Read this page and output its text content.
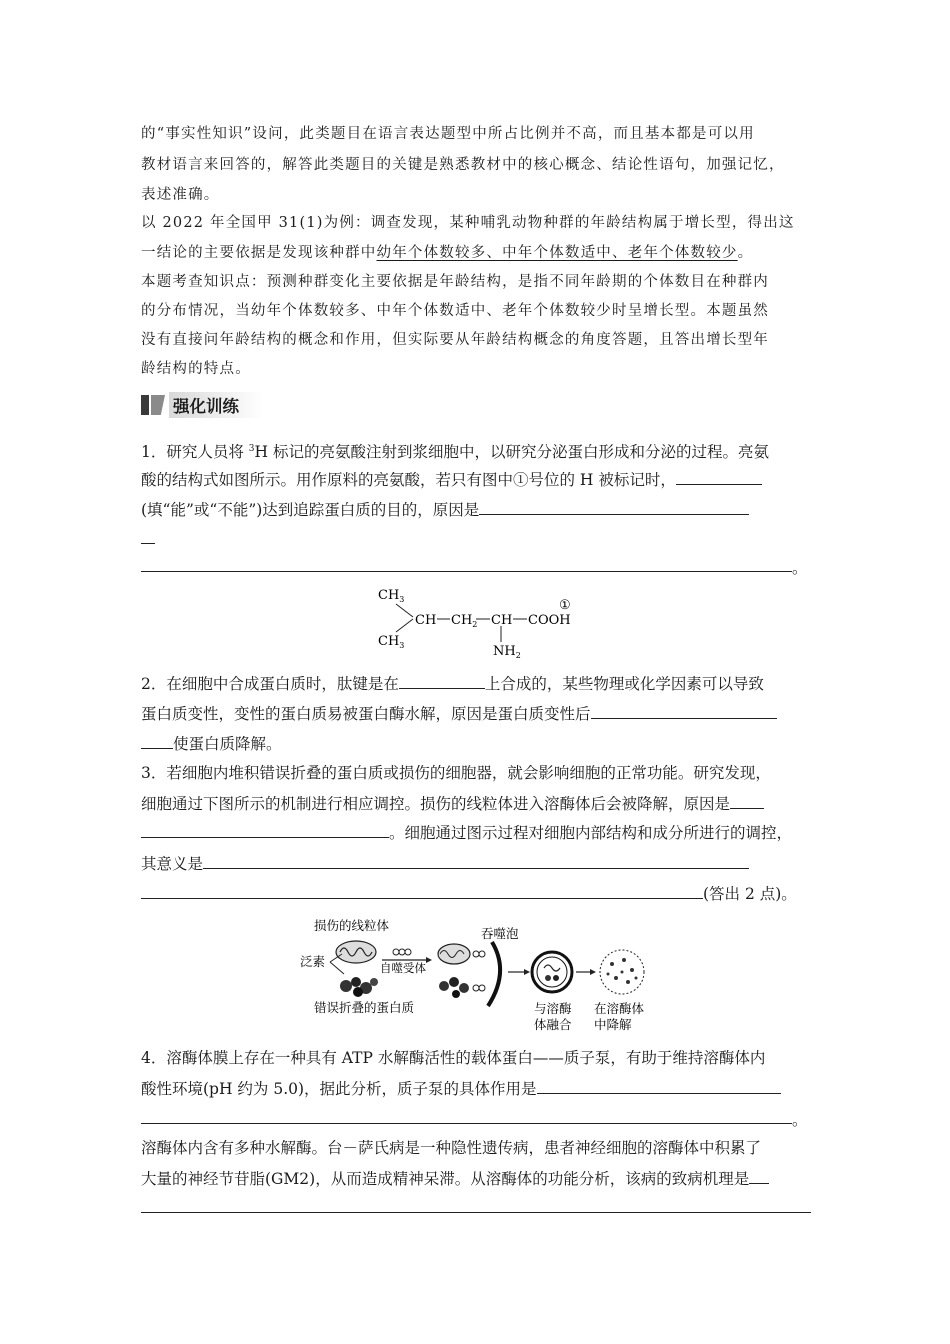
的“事实性知识”设问，此类题目在语言表达题型中所占比例并不高，而且基本都是可以用
教材语言来回答的，解答此类题目的关键是熟悉教材中的核心概念、结论性语句，加强记忆，
表述准确。
以 2022 年全国甲 31(1)为例：调查发现，某种哺乳动物种群的年龄结构属于增长型，得出这
一结论的主要依据是发现该种群中幼年个体数较多、中年个体数适中、老年个体数较少。
本题考查知识点：预测种群变化主要依据是年龄结构，是指不同年龄期的个体数目在种群内
的分布情况，当幼年个体数较多、中年个体数适中、老年个体数较少时呈增长型。本题虽然
没有直接问年龄结构的概念和作用，但实际要从年龄结构概念的角度答题，且答出增长型年
龄结构的特点。
强化训练
1．研究人员将 $^3$H 标记的亮氨酸注射到浆细胞中，以研究分泌蛋白形成和分泌的过程。亮氨
酸的结构式如图所示。用作原料的亮氨酸，若只有图中①号位的 H 被标记时，
(填“能”或“不能”)达到追踪蛋白质的目的，原因是
。
$CH_3$
$CH_3$
CH $CH_2$ CH COOH
①
$NH_2$
2．在细胞中合成蛋白质时，肽键是在	上合成的，某些物理或化学因素可以导致
蛋白质变性，变性的蛋白质易被蛋白酶水解，原因是蛋白质变性后
使蛋白质降解。
3．若细胞内堆积错误折叠的蛋白质或损伤的细胞器，就会影响细胞的正常功能。研究发现，
细胞通过下图所示的机制进行相应调控。损伤的线粒体进入溶酶体后会被降解，原因是
。细胞通过图示过程对细胞内部结构和成分所进行的调控，
其意义是
(答出 2 点)。
损伤的线粒体
吞噬泡
泛素	自噬受体
错误折叠的蛋白质	与溶酶
体融合
在溶酶体
中降解
4．溶酶体膜上存在一种具有 ATP 水解酶活性的载体蛋白——质子泵，有助于维持溶酶体内
酸性环境(pH 约为 5.0)，据此分析，质子泵的具体作用是
。
溶酶体内含有多种水解酶。台－萨氏病是一种隐性遗传病，患者神经细胞的溶酶体中积累了
大量的神经节苷脂(GM2)，从而造成精神呆滞。从溶酶体的功能分析，该病的致病机理是
